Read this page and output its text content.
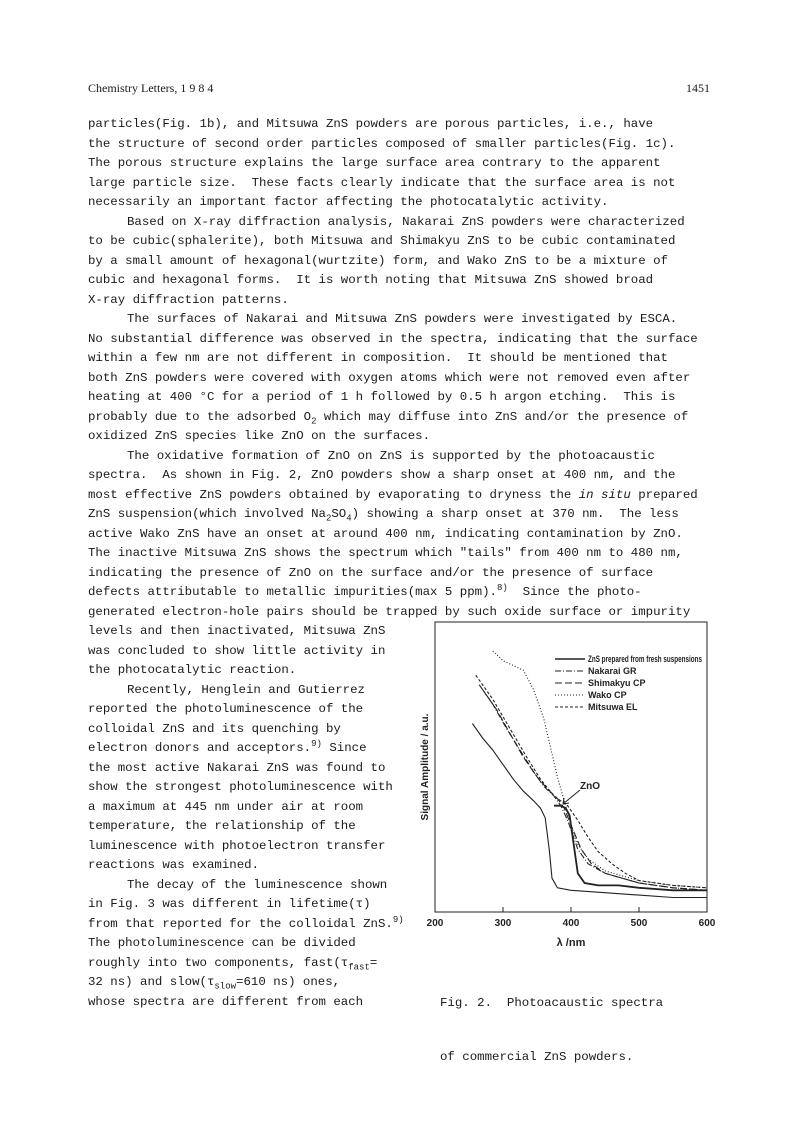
Chemistry Letters, 1 9 8 4	1451
particles(Fig. 1b), and Mitsuwa ZnS powders are porous particles, i.e., have
the structure of second order particles composed of smaller particles(Fig. 1c).
The porous structure explains the large surface area contrary to the apparent
large particle size.  These facts clearly indicate that the surface area is not
necessarily an important factor affecting the photocatalytic activity.
Based on X-ray diffraction analysis, Nakarai ZnS powders were characterized
to be cubic(sphalerite), both Mitsuwa and Shimakyu ZnS to be cubic contaminated
by a small amount of hexagonal(wurtzite) form, and Wako ZnS to be a mixture of
cubic and hexagonal forms.  It is worth noting that Mitsuwa ZnS showed broad
X-ray diffraction patterns.
The surfaces of Nakarai and Mitsuwa ZnS powders were investigated by ESCA.
No substantial difference was observed in the spectra, indicating that the surface
within a few nm are not different in composition.  It should be mentioned that
both ZnS powders were covered with oxygen atoms which were not removed even after
heating at 400 °C for a period of 1 h followed by 0.5 h argon etching.  This is
probably due to the adsorbed $O_2$ which may diffuse into ZnS and/or the presence of
oxidized ZnS species like ZnO on the surfaces.
The oxidative formation of ZnO on ZnS is supported by the photoacaustic
spectra.  As shown in Fig. 2, ZnO powders show a sharp onset at 400 nm, and the
most effective ZnS powders obtained by evaporating to dryness the in situ prepared
ZnS suspension(which involved $Na_2SO_4$) showing a sharp onset at 370 nm.  The less
active Wako ZnS have an onset at around 400 nm, indicating contamination by ZnO.
The inactive Mitsuwa ZnS shows the spectrum which "tails" from 400 nm to 480 nm,
indicating the presence of ZnO on the surface and/or the presence of surface
defects attributable to metallic impurities(max 5 ppm).$^{8)}$  Since the photo-
generated electron-hole pairs should be trapped by such oxide surface or impurity
levels and then inactivated, Mitsuwa ZnS
was concluded to show little activity in
the photocatalytic reaction.
Recently, Henglein and Gutierrez
reported the photoluminescence of the
colloidal ZnS and its quenching by
electron donors and acceptors.$^{9)}$ Since
the most active Nakarai ZnS was found to
show the strongest photoluminescence with
a maximum at 445 nm under air at room
temperature, the relationship of the
luminescence with photoelectron transfer
reactions was examined.
The decay of the luminescence shown
in Fig. 3 was different in lifetime(τ)
from that reported for the colloidal ZnS.$^{9)}$
The photoluminescence can be divided
roughly into two components, $fast(\tau_{fast}=$
32 ns) and $slow(\tau_{slow}=610$ ns) ones,
whose spectra are different from each
200	300	400	500	600
ZnS prepared from fresh suspensions
Nakarai GR
Shimakyu CP
Wako CP
Mitsuwa EL
Signal Amplitude / a.u.
λ /nm
ZnO

Fig. 2.  Photoacaustic spectra

of commercial ZnS powders.
